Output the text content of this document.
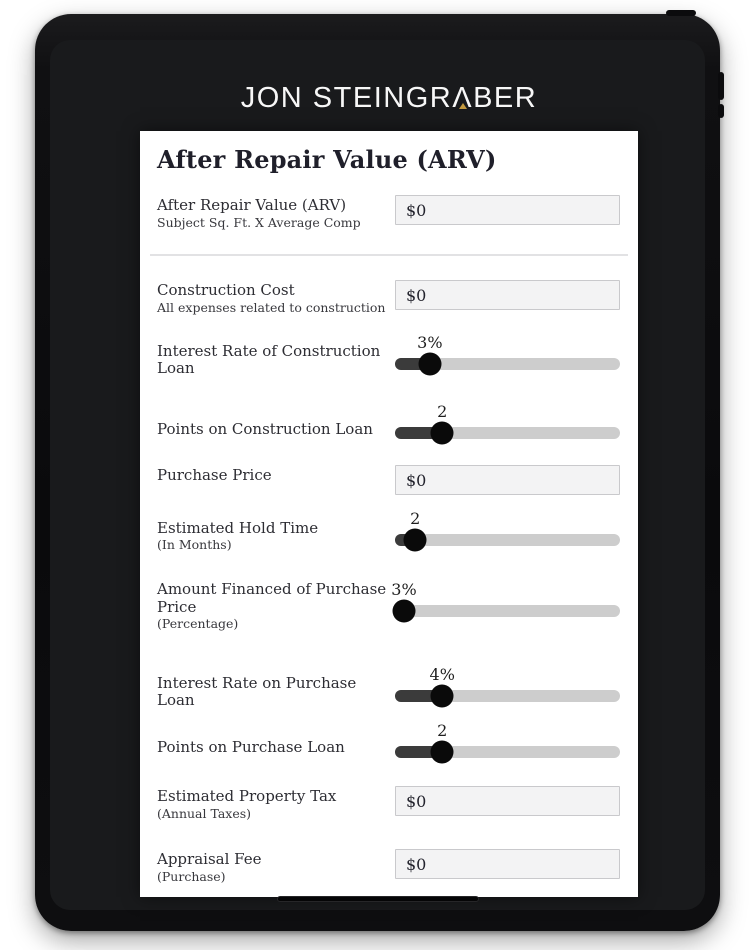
JON STEINGRΛ
BER
After Repair Value (ARV)
After Repair Value (ARV)
Subject Sq. Ft. X Average Comp
$0
Construction Cost
All expenses related to construction
$0
Interest Rate of Construction Loan
3%
Points on Construction Loan
2
Purchase Price
$0
Estimated Hold Time
(In Months)
2
Amount Financed of Purchase Price
(Percentage)
3%
Interest Rate on Purchase Loan
4%
Points on Purchase Loan
2
Estimated Property Tax
(Annual Taxes)
$0
Appraisal Fee
(Purchase)
$0
